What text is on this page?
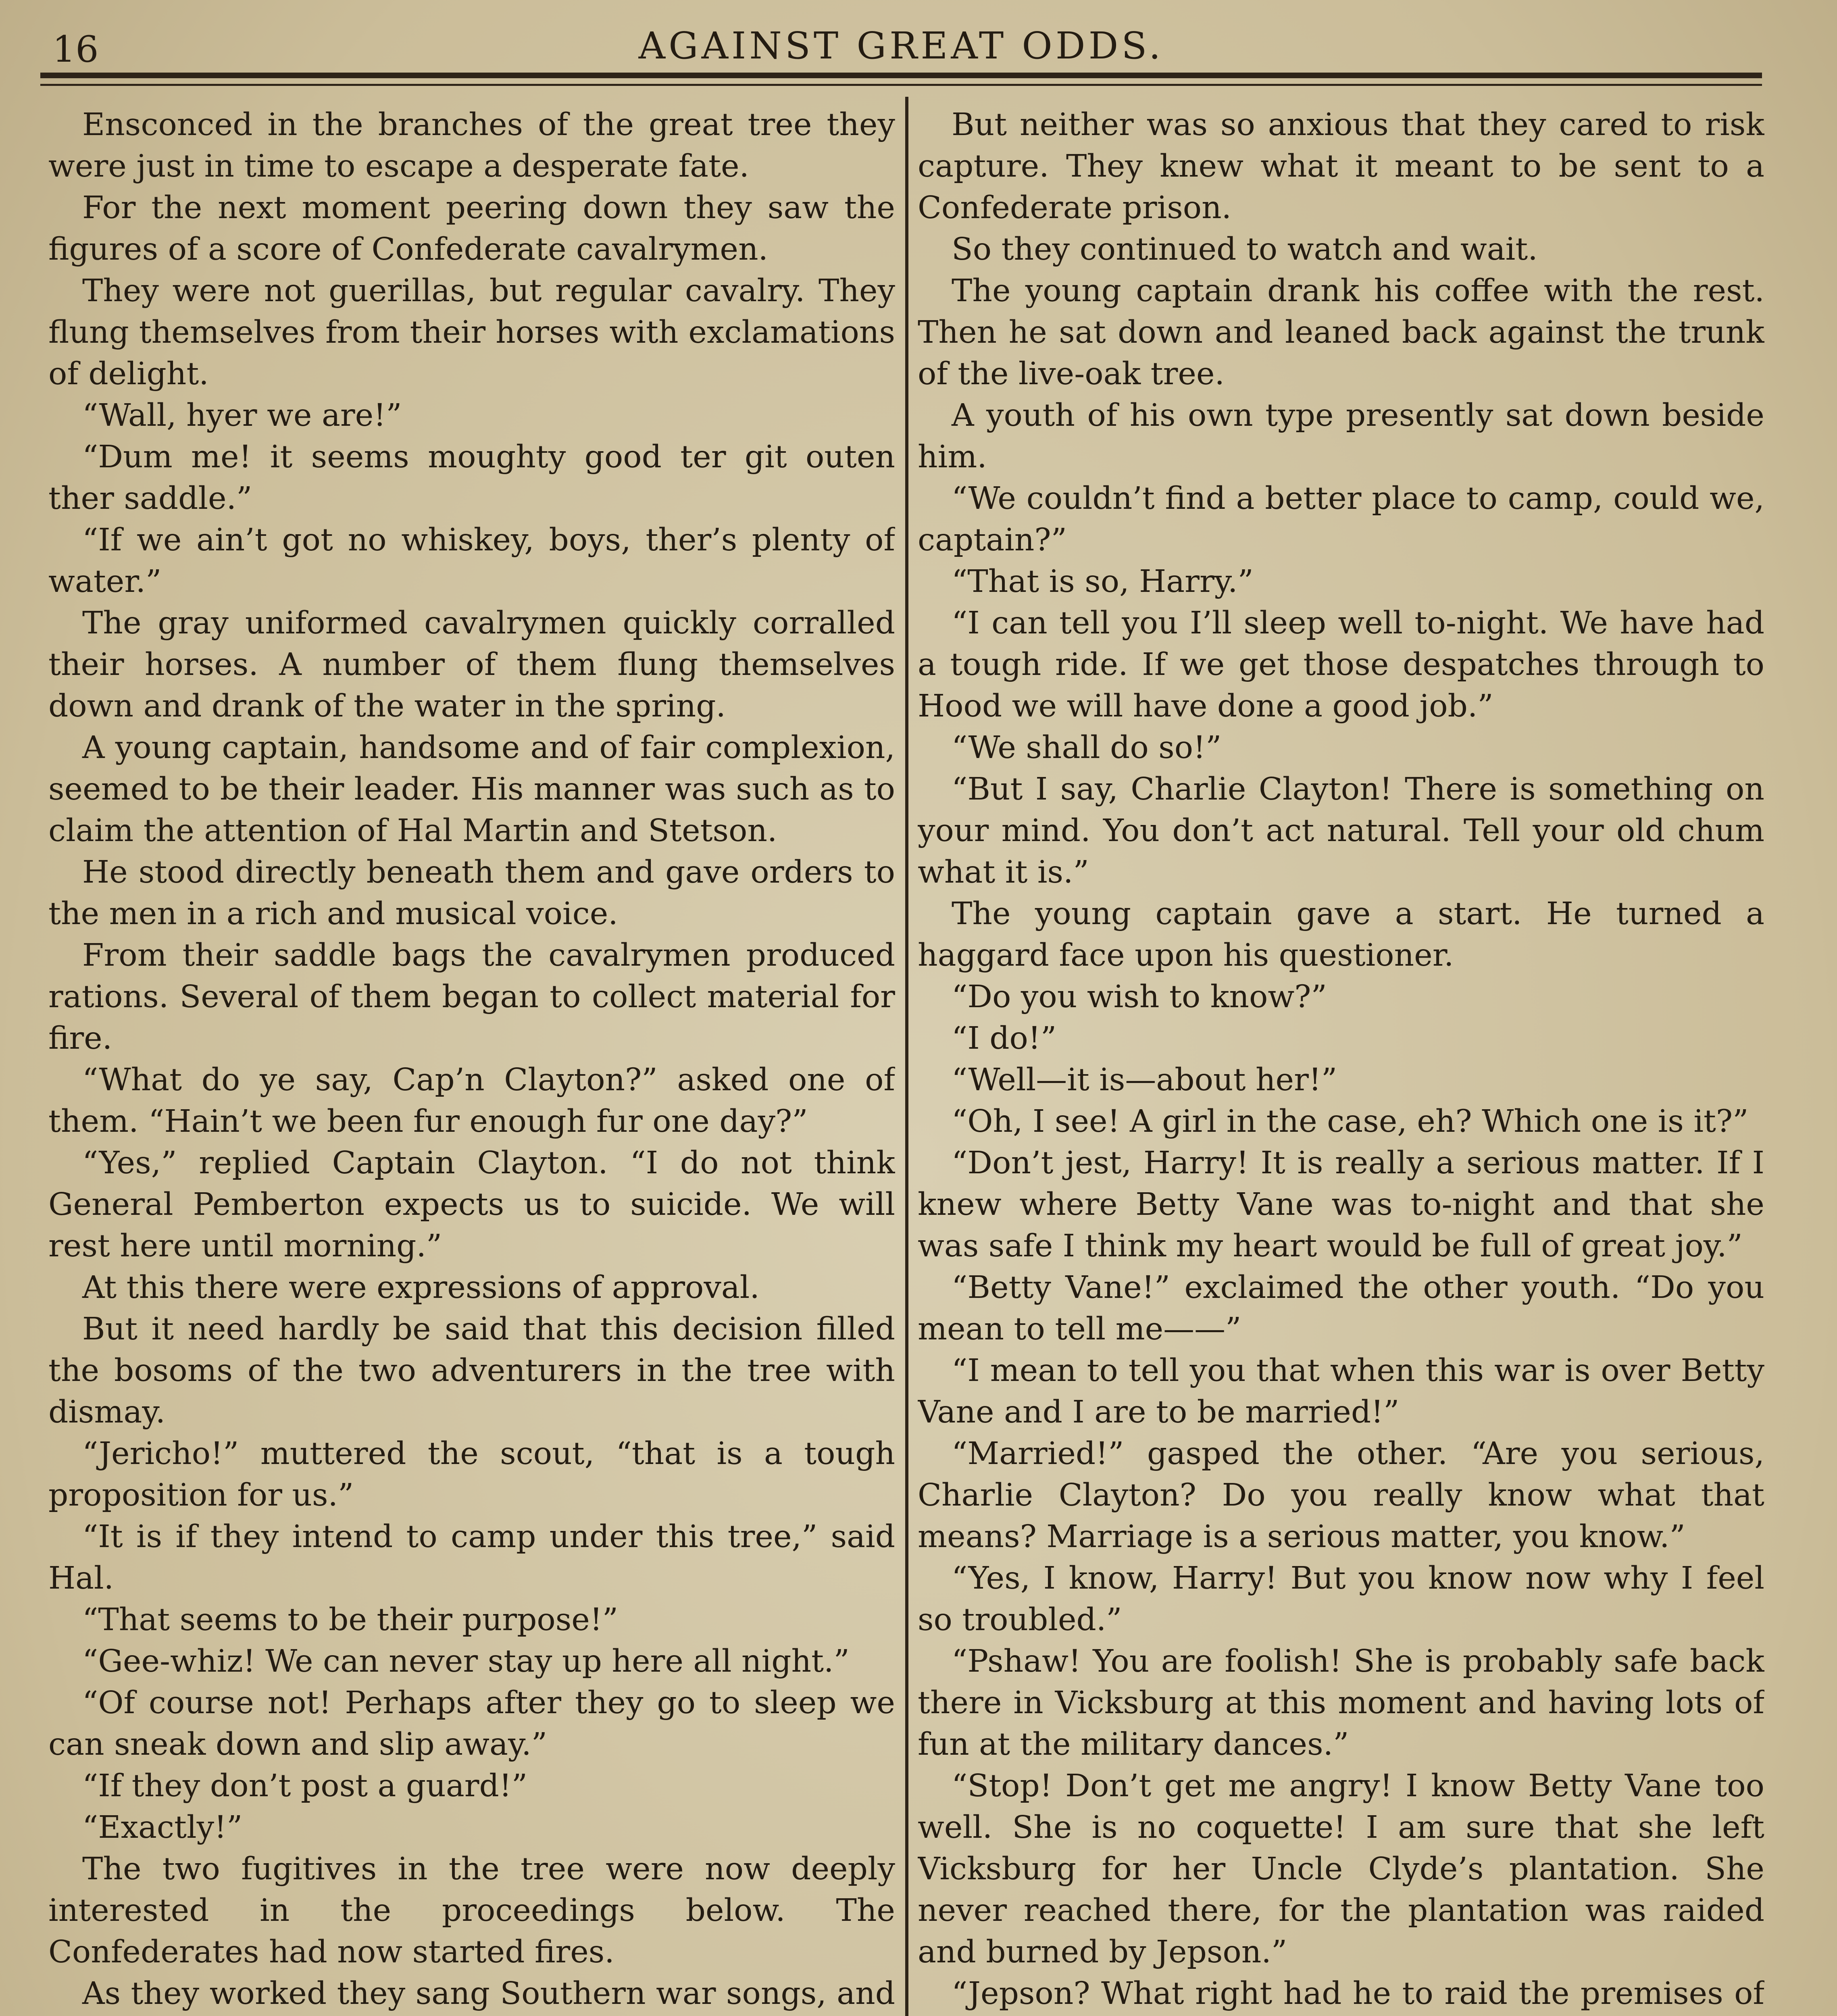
16	AGAINST GREAT ODDS.

Ensconced in the branches of the great tree they were just in time to escape a desperate fate.

For the next moment peering down they saw the figures of a score of Confederate cavalrymen.

They were not guerillas, but regular cavalry. They flung themselves from their horses with exclamations of delight.

“Wall, hyer we are!”

“Dum me! it seems moughty good ter git outen ther saddle.”

“If we ain’t got no whiskey, boys, ther’s plenty of water.”

The gray uniformed cavalrymen quickly corralled their horses. A number of them flung themselves down and drank of the water in the spring.

A young captain, handsome and of fair complexion, seemed to be their leader. His manner was such as to claim the attention of Hal Martin and Stetson.

He stood directly beneath them and gave orders to the men in a rich and musical voice.

From their saddle bags the cavalrymen produced rations. Several of them began to collect material for fire.

“What do ye say, Cap’n Clayton?” asked one of them. “Hain’t we been fur enough fur one day?”

“Yes,” replied Captain Clayton. “I do not think General Pemberton expects us to suicide. We will rest here until morning.”

At this there were expressions of approval.

But it need hardly be said that this decision filled the bosoms of the two adventurers in the tree with dismay.

“Jericho!” muttered the scout, “that is a tough proposition for us.”

“It is if they intend to camp under this tree,” said Hal.

“That seems to be their purpose!”

“Gee-whiz! We can never stay up here all night.”

“Of course not! Perhaps after they go to sleep we can sneak down and slip away.”

“If they don’t post a guard!”

“Exactly!”

The two fugitives in the tree were now deeply interested in the proceedings below. The Confederates had now started fires.

As they worked they sang Southern war songs, and

But neither was so anxious that they cared to risk capture. They knew what it meant to be sent to a Confederate prison.

So they continued to watch and wait.

The young captain drank his coffee with the rest. Then he sat down and leaned back against the trunk of the live-oak tree.

A youth of his own type presently sat down beside him.

“We couldn’t find a better place to camp, could we, captain?”

“That is so, Harry.”

“I can tell you I’ll sleep well to-night. We have had a tough ride. If we get those despatches through to Hood we will have done a good job.”

“We shall do so!”

“But I say, Charlie Clayton! There is something on your mind. You don’t act natural. Tell your old chum what it is.”

The young captain gave a start. He turned a haggard face upon his questioner.

“Do you wish to know?”

“I do!”

“Well—it is—about her!”

“Oh, I see! A girl in the case, eh? Which one is it?”

“Don’t jest, Harry! It is really a serious matter. If I knew where Betty Vane was to-night and that she was safe I think my heart would be full of great joy.”

“Betty Vane!” exclaimed the other youth. “Do you mean to tell me——”

“I mean to tell you that when this war is over Betty Vane and I are to be married!”

“Married!” gasped the other. “Are you serious, Charlie Clayton? Do you really know what that means? Marriage is a serious matter, you know.”

“Yes, I know, Harry! But you know now why I feel so troubled.”

“Pshaw! You are foolish! She is probably safe back there in Vicksburg at this moment and having lots of fun at the military dances.”

“Stop! Don’t get me angry! I know Betty Vane too well. She is no coquette! I am sure that she left Vicksburg for her Uncle Clyde’s plantation. She never reached there, for the plantation was raided and burned by Jepson.”

“Jepson? What right had he to raid the premises of
